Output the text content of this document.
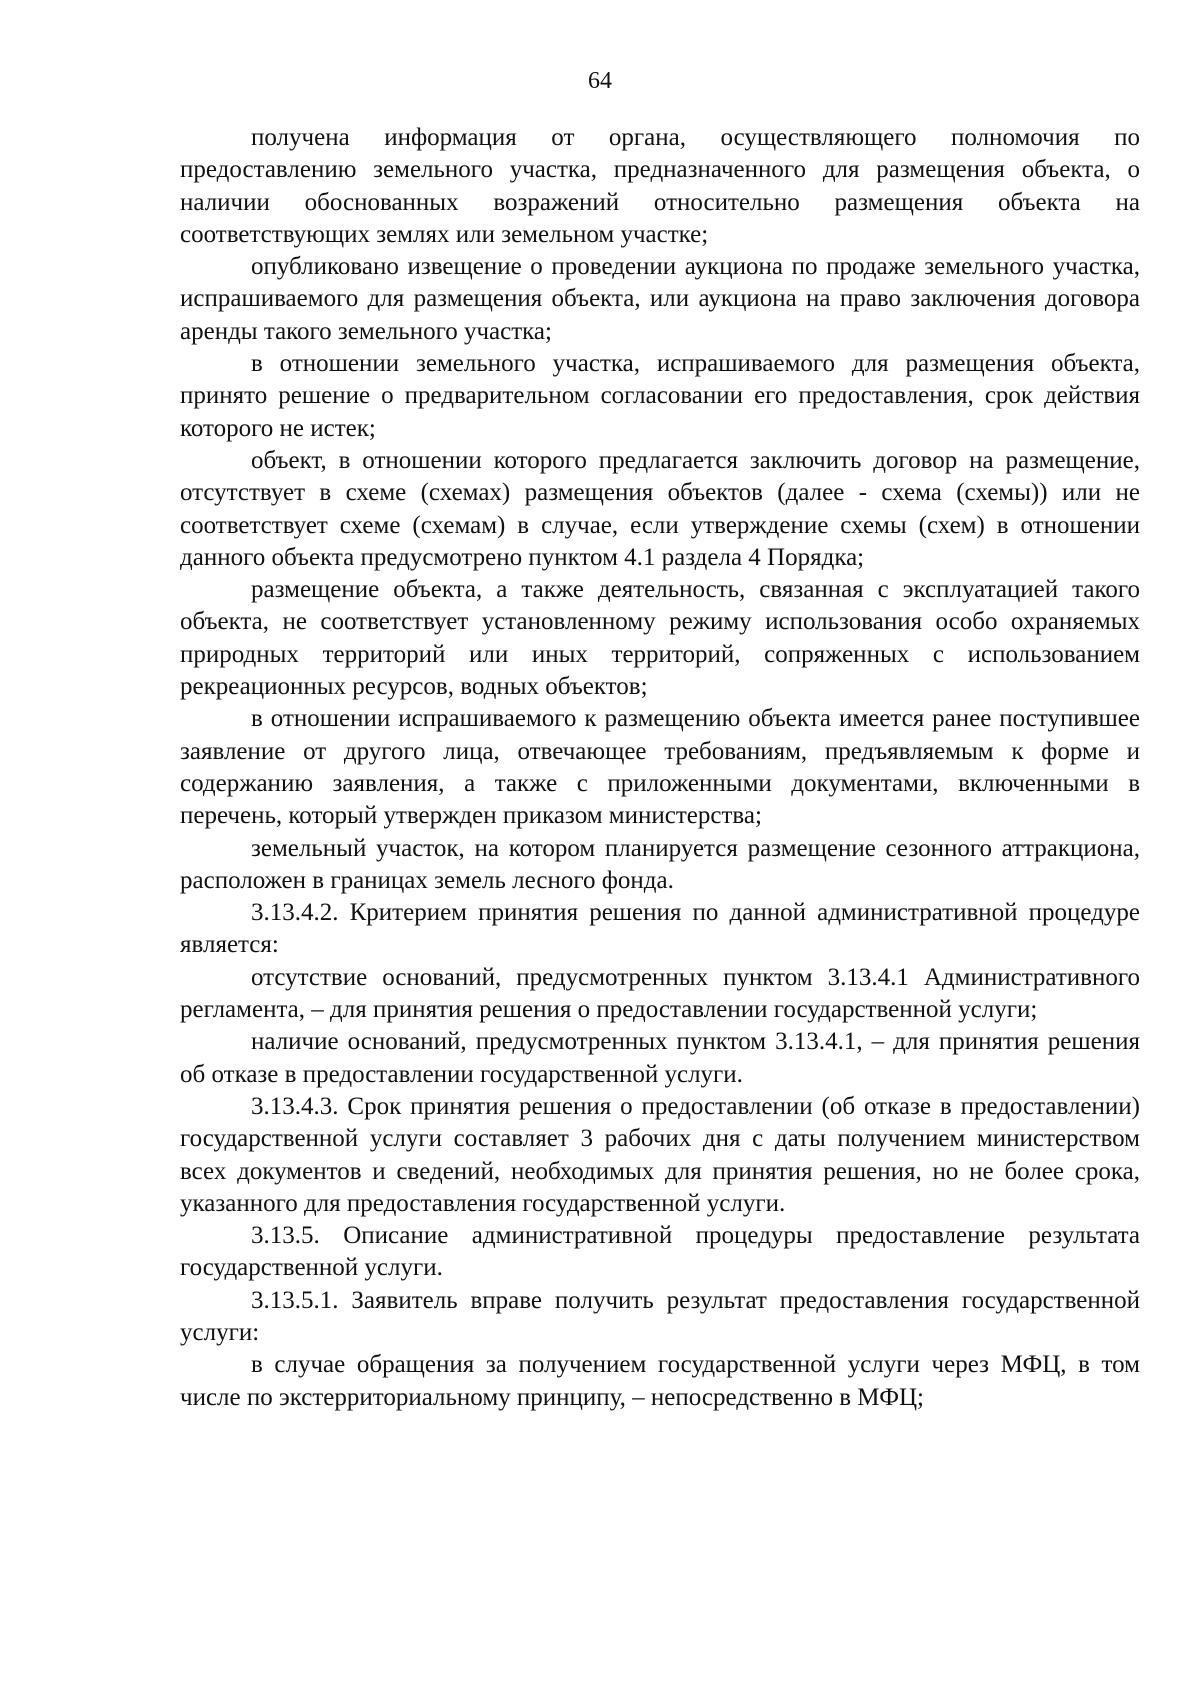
64

получена информация от органа, осуществляющего полномочия по предоставлению земельного участка, предназначенного для размещения объекта, о наличии обоснованных возражений относительно размещения объекта на соответствующих землях или земельном участке;

опубликовано извещение о проведении аукциона по продаже земельного участка, испрашиваемого для размещения объекта, или аукциона на право заключения договора аренды такого земельного участка;

в отношении земельного участка, испрашиваемого для размещения объекта, принято решение о предварительном согласовании его предоставления, срок действия которого не истек;

объект, в отношении которого предлагается заключить договор на размещение, отсутствует в схеме (схемах) размещения объектов (далее - схема (схемы)) или не соответствует схеме (схемам) в случае, если утверждение схемы (схем) в отношении данного объекта предусмотрено пунктом 4.1 раздела 4 Порядка;

размещение объекта, а также деятельность, связанная с эксплуатацией такого объекта, не соответствует установленному режиму использования особо охраняемых природных территорий или иных территорий, сопряженных с использованием рекреационных ресурсов, водных объектов;

в отношении испрашиваемого к размещению объекта имеется ранее поступившее заявление от другого лица, отвечающее требованиям, предъявляемым к форме и содержанию заявления, а также с приложенными документами, включенными в перечень, который утвержден приказом министерства;

земельный участок, на котором планируется размещение сезонного аттракциона, расположен в границах земель лесного фонда.

3.13.4.2. Критерием принятия решения по данной административной процедуре является:

отсутствие оснований, предусмотренных пунктом 3.13.4.1 Административного регламента, – для принятия решения о предоставлении государственной услуги;

наличие оснований, предусмотренных пунктом 3.13.4.1, – для принятия решения об отказе в предоставлении государственной услуги.

3.13.4.3. Срок принятия решения о предоставлении (об отказе в предоставлении) государственной услуги составляет 3 рабочих дня с даты получением министерством всех документов и сведений, необходимых для принятия решения, но не более срока, указанного для предоставления государственной услуги.

3.13.5. Описание административной процедуры предоставление результата государственной услуги.

3.13.5.1. Заявитель вправе получить результат предоставления государственной услуги:

в случае обращения за получением государственной услуги через МФЦ, в том числе по экстерриториальному принципу, – непосредственно в МФЦ;
